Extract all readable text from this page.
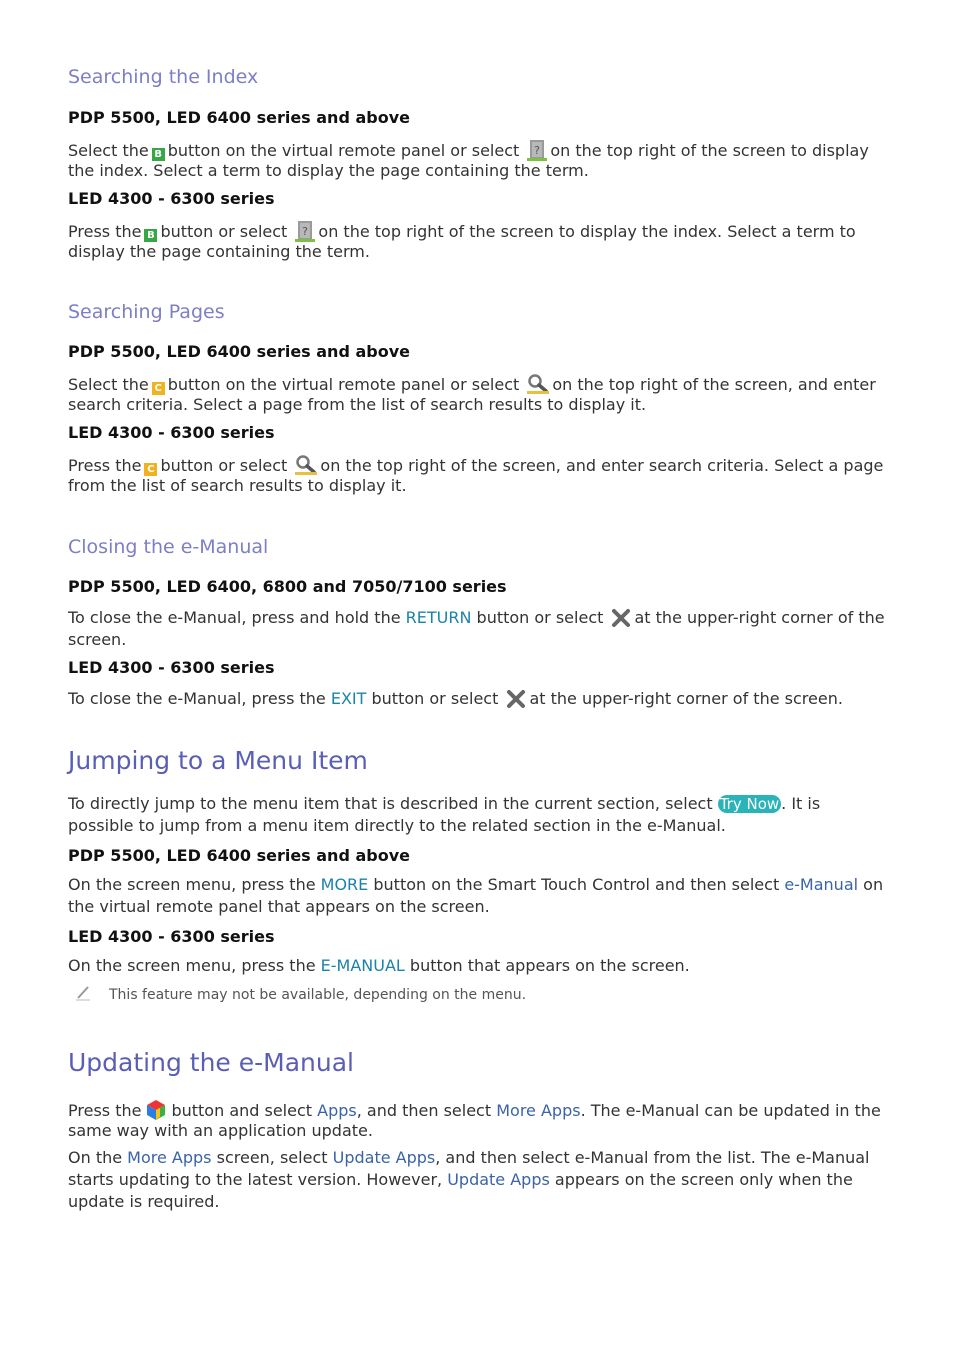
Searching the Index
PDP 5500, LED 6400 series and above
Select the B button on the virtual remote panel or select on the top right of the screen to display the index. Select a term to display the page containing the term.
LED 4300 - 6300 series
Press the B button or select on the top right of the screen to display the index. Select a term to display the page containing the term.
Searching Pages
PDP 5500, LED 6400 series and above
Select the C button on the virtual remote panel or select on the top right of the screen, and enter search criteria. Select a page from the list of search results to display it.
LED 4300 - 6300 series
Press the C button or select on the top right of the screen, and enter search criteria. Select a page from the list of search results to display it.
Closing the e-Manual
PDP 5500, LED 6400, 6800 and 7050/7100 series
To close the e-Manual, press and hold the RETURN button or select at the upper-right corner of the screen.
LED 4300 - 6300 series
To close the e-Manual, press the EXIT button or select at the upper-right corner of the screen.
Jumping to a Menu Item
To directly jump to the menu item that is described in the current section, select Try Now . It is possible to jump from a menu item directly to the related section in the e-Manual.
PDP 5500, LED 6400 series and above
On the screen menu, press the MORE button on the Smart Touch Control and then select e-Manual on the virtual remote panel that appears on the screen.
LED 4300 - 6300 series
On the screen menu, press the E-MANUAL button that appears on the screen.
This feature may not be available, depending on the menu.
Updating the e-Manual
Press the button and select Apps, and then select More Apps. The e-Manual can be updated in the same way with an application update.
On the More Apps screen, select Update Apps, and then select e-Manual from the list. The e-Manual starts updating to the latest version. However, Update Apps appears on the screen only when the update is required.
